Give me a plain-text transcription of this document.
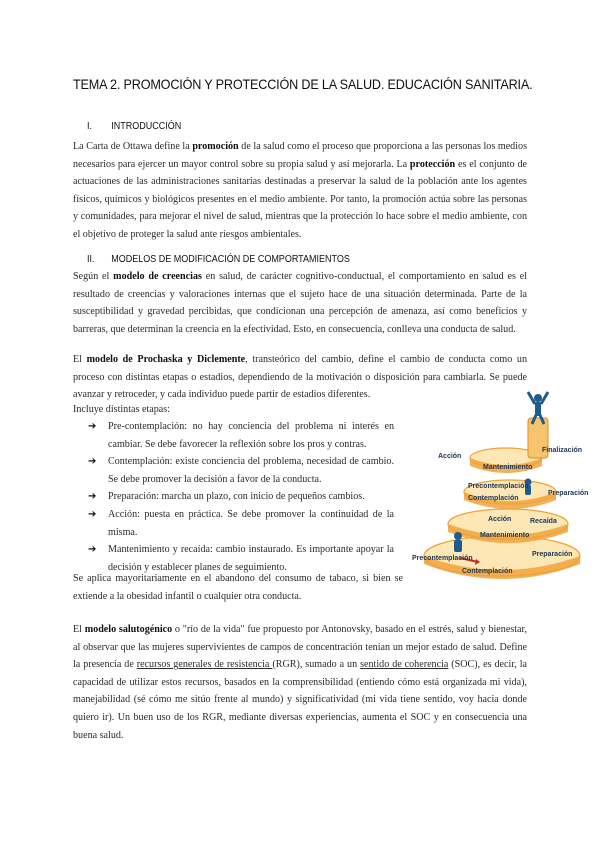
TEMA 2. PROMOCIÓN Y PROTECCIÓN DE LA SALUD. EDUCACIÓN SANITARIA.
I. INTRODUCCIÓN

La Carta de Ottawa define la promoción de la salud como el proceso que proporciona a las personas los medios necesarios para ejercer un mayor control sobre su propia salud y así mejorarla. La protección es el conjunto de actuaciones de las administraciones sanitarias destinadas a preservar la salud de la población ante los agentes físicos, químicos y biológicos presentes en el medio ambiente. Por tanto, la promoción actúa sobre las personas y comunidades, para mejorar el nivel de salud, mientras que la protección lo hace sobre el medio ambiente, con el objetivo de proteger la salud ante riesgos ambientales.

II. MODELOS DE MODIFICACIÓN DE COMPORTAMIENTOS

Según el modelo de creencias en salud, de carácter cognitivo-conductual, el comportamiento en salud es el resultado de creencias y valoraciones internas que el sujeto hace de una situación determinada. Parte de la susceptibilidad y gravedad percibidas, que condicionan una percepción de amenaza, así como beneficios y barreras, que determinan la creencia en la efectividad. Esto, en consecuencia, conlleva una conducta de salud.

El modelo de Prochaska y Diclemente, transteórico del cambio, define el cambio de conducta como un proceso con distintas etapas o estadios, dependiendo de la motivación o disposición para cambiarla. Se puede avanzar y retroceder, y cada individuo puede partir de estadios diferentes.

Incluye distintas etapas:
➔ Pre-contemplación: no hay conciencia del problema ni interés en cambiar. Se debe favorecer la reflexión sobre los pros y contras.
➔ Contemplación: existe conciencia del problema, necesidad de cambio. Se debe promover la decisión a favor de la conducta.
➔ Preparación: marcha un plazo, con inicio de pequeños cambios.
➔ Acción: puesta en práctica. Se debe promover la continuidad de la misma.
➔ Mantenimiento y recaída: cambio instaurado. Es importante apoyar la decisión y establecer planes de seguimiento.

Se aplica mayoritariamente en el abandono del consumo de tabaco, si bien se extiende a la obesidad infantil o cualquier otra conducta.

El modelo salutogénico o "río de la vida" fue propuesto por Antonovsky, basado en el estrés, salud y bienestar, al observar que las mujeres supervivientes de campos de concentración tenían un mejor estado de salud. Define la presencia de recursos generales de resistencia (RGR), sumado a un sentido de coherencia (SOC), es decir, la capacidad de utilizar estos recursos, basados en la comprensibilidad (entiendo cómo está organizada mi vida), manejabilidad (sé cómo me sitúo frente al mundo) y significatividad (mi vida tiene sentido, voy hacia donde quiero ir). Un buen uso de los RGR, mediante diversas experiencias, aumenta el SOC y en consecuencia una buena salud.

Finalización
Acción
Mantenimiento
Precontemplación
Preparación
Contemplación
Acción	Recaída
Mantenimiento
Preparación
Precontemplación
Contemplación
